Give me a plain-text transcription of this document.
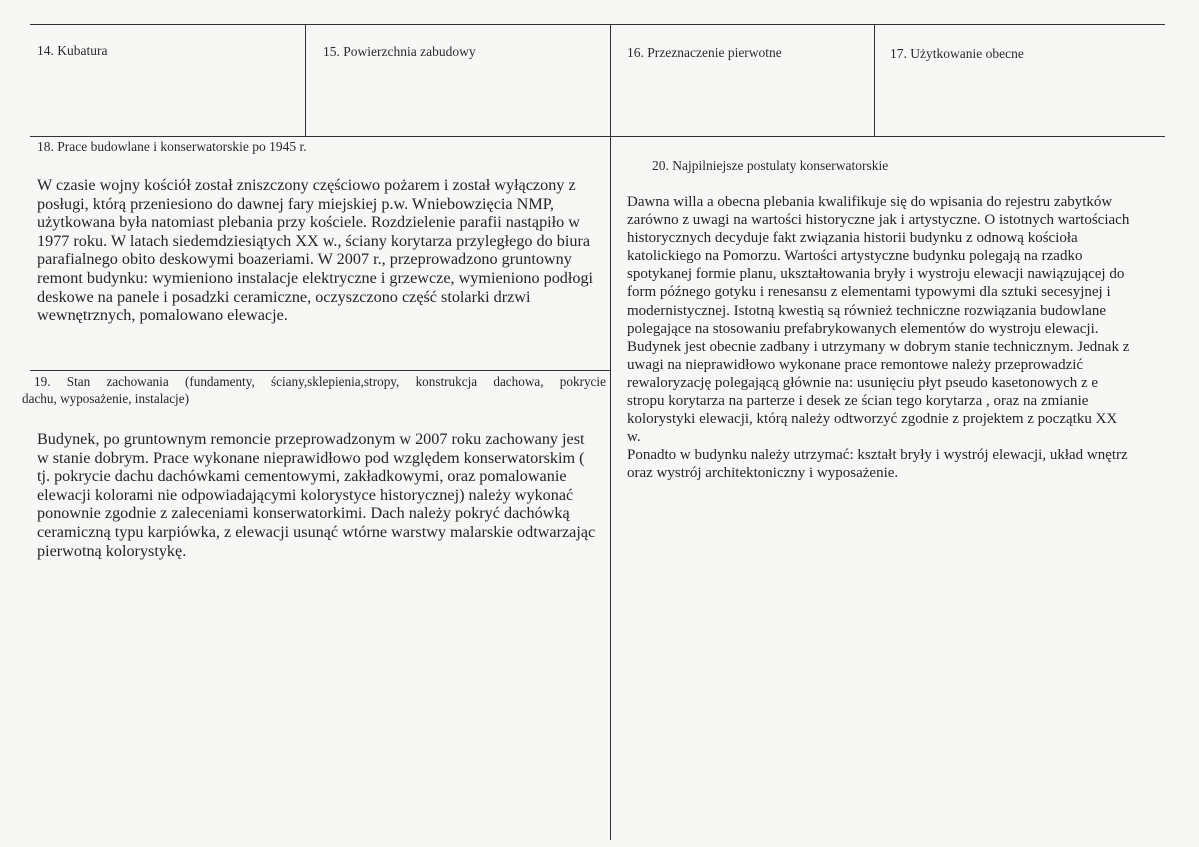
14. Kubatura	15. Powierzchnia zabudowy	16. Przeznaczenie pierwotne	17. Użytkowanie obecne
18. Prace budowlane i konserwatorskie po 1945 r.

W czasie wojny kościół został zniszczony częściowo pożarem i został wyłączony z posługi, którą przeniesiono do dawnej fary miejskiej p.w. Wniebowzięcia NMP, użytkowana była natomiast plebania przy kościele. Rozdzielenie parafii nastąpiło w 1977 roku. W latach siedemdziesiątych XX w., ściany korytarza przyległego do biura parafialnego obito deskowymi boazeriami. W 2007 r., przeprowadzono gruntowny remont budynku: wymieniono instalacje elektryczne i grzewcze, wymieniono podłogi deskowe na panele i posadzki ceramiczne, oczyszczono część stolarki drzwi wewnętrznych, pomalowano elewacje.

19. Stan zachowania (fundamenty, ściany,sklepienia,stropy, konstrukcja dachowa, pokrycie
dachu, wyposażenie, instalacje)

Budynek, po gruntownym remoncie przeprowadzonym w 2007 roku zachowany jest w stanie dobrym. Prace wykonane nieprawidłowo pod względem konserwatorskim ( tj. pokrycie dachu dachówkami cementowymi, zakładkowymi, oraz pomalowanie elewacji kolorami nie odpowiadającymi kolorystyce historycznej) należy wykonać ponownie zgodnie z zaleceniami konserwatorkimi. Dach należy pokryć dachówką ceramiczną typu karpiówka, z elewacji usunąć wtórne warstwy malarskie odtwarzając pierwotną kolorystykę.

20. Najpilniejsze postulaty konserwatorskie

Dawna willa a obecna plebania kwalifikuje się do wpisania do rejestru zabytków zarówno z uwagi na wartości historyczne jak i artystyczne. O istotnych wartościach historycznych decyduje fakt związania historii budynku z odnową kościoła katolickiego na Pomorzu. Wartości artystyczne budynku polegają na rzadko spotykanej formie planu, ukształtowania bryły i wystroju elewacji nawiązującej do form późnego gotyku i renesansu z elementami typowymi dla sztuki secesyjnej i modernistycznej. Istotną kwestią są również techniczne rozwiązania budowlane polegające na stosowaniu prefabrykowanych elementów do wystroju elewacji.

Budynek jest obecnie zadbany i utrzymany w dobrym stanie technicznym. Jednak z uwagi na nieprawidłowo wykonane prace remontowe należy przeprowadzić rewaloryzację polegającą głównie na: usunięciu płyt pseudo kasetonowych z e stropu korytarza na parterze i desek ze ścian tego korytarza , oraz na zmianie kolorystyki elewacji, którą należy odtworzyć zgodnie z projektem z początku XX w.

Ponadto w budynku należy utrzymać: kształt bryły i wystrój elewacji, układ wnętrz oraz wystrój architektoniczny i wyposażenie.
